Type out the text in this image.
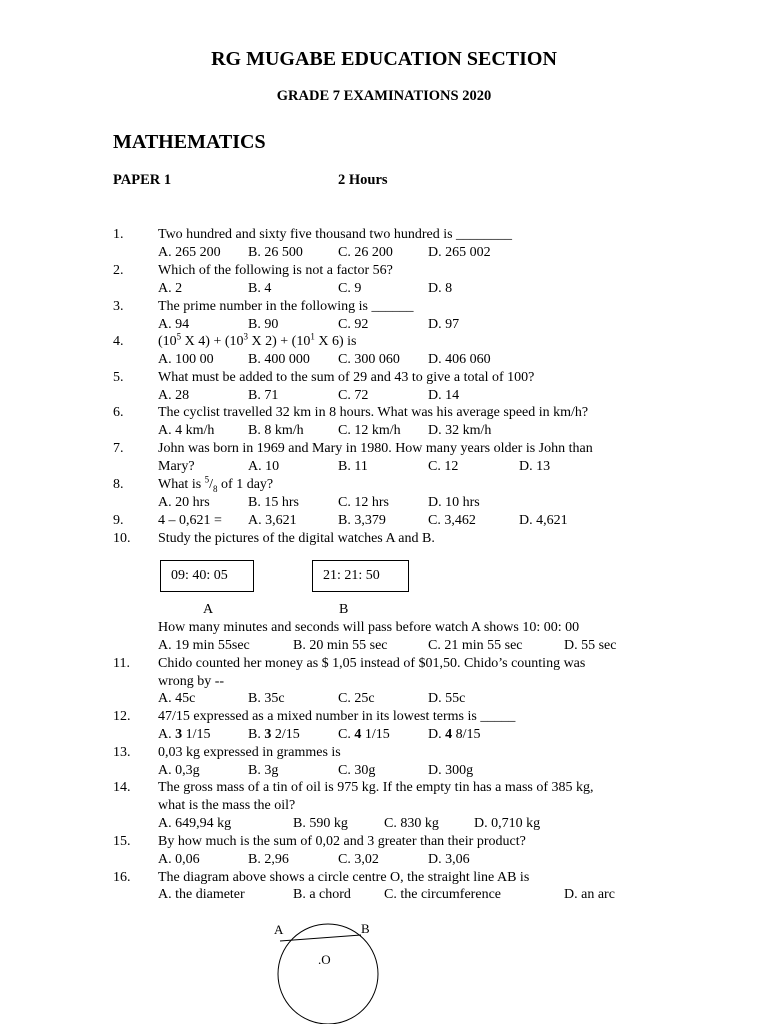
RG MUGABE EDUCATION SECTION
GRADE 7 EXAMINATIONS 2020
MATHEMATICS
PAPER 1	2 Hours
1. Two hundred and sixty five thousand two hundred is ________
A. 265 200 B. 26 500	C. 26 200	D. 265 002
2. Which of the following is not a factor 56?
A. 2	B. 4	C. 9	D. 8
3. The prime number in the following is ______
A. 94	B. 90	C. 92	D. 97
4. ($10^5$ X $4) + (10^3$ X $2) + (10^1$ X 6) is
A. 100 00 B. 400 000 C. 300 060 D. 406 060
5. What must be added to the sum of 29 and 43 to give a total of 100?
A. 28	B. 71	C. 72	D. 14
6. The cyclist travelled 32 km in 8 hours. What was his average speed in km/h?
A. 4 km/h B. 8 km/h C. 12 km/h D. 32 km/h
7. John was born in 1969 and Mary in 1980. How many years older is John than
Mary?	A. 10	B. 11	C. 12	D. 13
8. What is $^5/_8$ of 1 day?
A. 20 hrs	B. 15 hrs	C. 12 hrs	D. 10 hrs
9. 4 – 0,621 = A. 3,621	B. 3,379	C. 3,462	D. 4,621
10. Study the pictures of the digital watches A and B.
09: 40: 05	21: 21: 50
A	B
How many minutes and seconds will pass before watch A shows 10: 00: 00
A. 19 min 55sec	B. 20 min 55 sec	C. 21 min 55 sec	D. 55 sec
11. Chido counted her money as $ 1,05 instead of $01,50. Chido’s counting was
wrong by --
A. 45c	B. 35c	C. 25c	D. 55c
12. 47/15 expressed as a mixed number in its lowest terms is _____
A. 3 1/15	B. 3 2/15	C. 4 1/15	D. 4 8/15
13. 0,03 kg expressed in grammes is
A. 0,3g	B. 3g	C. 30g	D. 300g
14. The gross mass of a tin of oil is 975 kg. If the empty tin has a mass of 385 kg,
what is the mass the oil?
A. 649,94 kg	B. 590 kg	C. 830 kg	D. 0,710 kg
15. By how much is the sum of 0,02 and 3 greater than their product?
A. 0,06	B. 2,96	C. 3,02	D. 3,06
16. The diagram above shows a circle centre O, the straight line AB is
A. the diameter	B. a chord C. the circumference	D. an arc
A	B
.O
